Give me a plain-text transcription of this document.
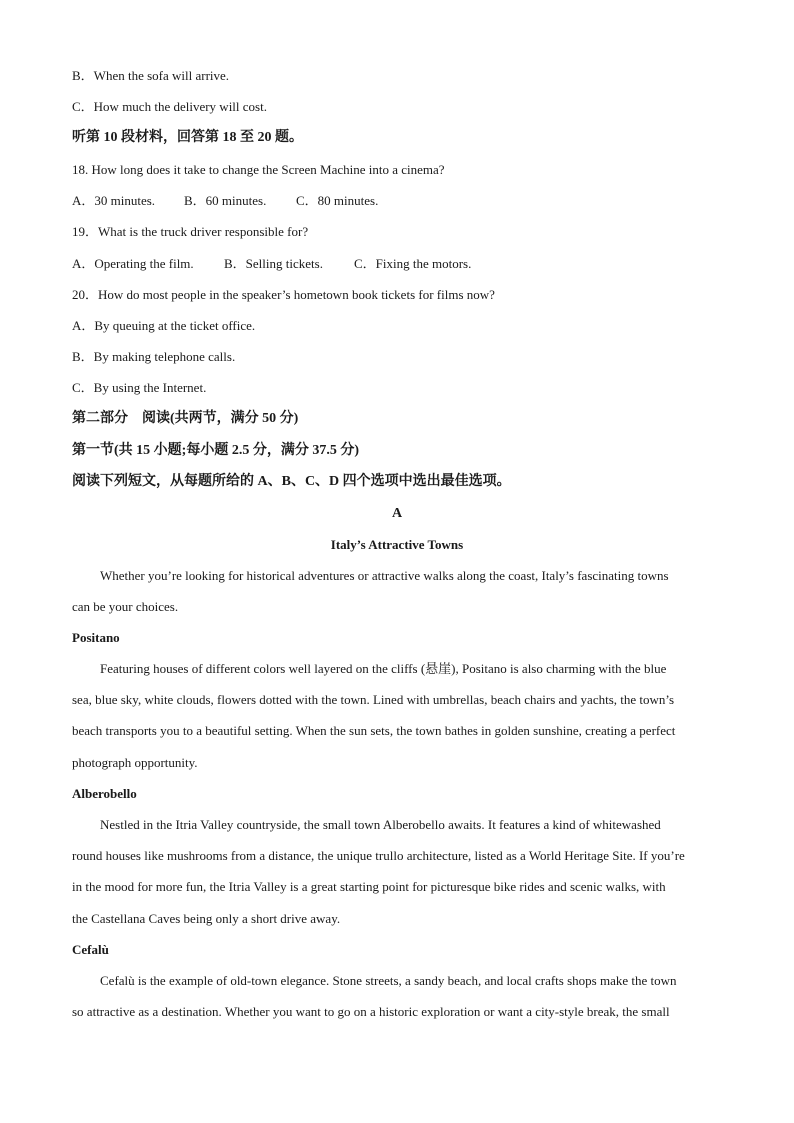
B．When the sofa will arrive.
C．How much the delivery will cost.
听第 10 段材料，回答第 18 至 20 题。
18. How long does it take to change the Screen Machine into a cinema?
A．30 minutes. B．60 minutes. C．80 minutes.
19．What is the truck driver responsible for?
A．Operating the film. B．Selling tickets. C．Fixing the motors.
20．How do most people in the speaker’s hometown book tickets for films now?
A．By queuing at the ticket office.
B．By making telephone calls.
C．By using the Internet.
第二部分　阅读(共两节，满分 50 分)
第一节(共 15 小题;每小题 2.5 分，满分 37.5 分)
阅读下列短文，从每题所给的 A、B、C、D 四个选项中选出最佳选项。
A
Italy’s Attractive Towns
Whether you’re looking for historical adventures or attractive walks along the coast, Italy’s fascinating towns
can be your choices.
Positano
Featuring houses of different colors well layered on the cliffs (悬崖), Positano is also charming with the blue
sea, blue sky, white clouds, flowers dotted with the town. Lined with umbrellas, beach chairs and yachts, the town’s
beach transports you to a beautiful setting. When the sun sets, the town bathes in golden sunshine, creating a perfect
photograph opportunity.
Alberobello
Nestled in the Itria Valley countryside, the small town Alberobello awaits. It features a kind of whitewashed
round houses like mushrooms from a distance, the unique trullo architecture, listed as a World Heritage Site. If you’re
in the mood for more fun, the Itria Valley is a great starting point for picturesque bike rides and scenic walks, with
the Castellana Caves being only a short drive away.
Cefalù
Cefalù is the example of old-town elegance. Stone streets, a sandy beach, and local crafts shops make the town
so attractive as a destination. Whether you want to go on a historic exploration or want a city-style break, the small
